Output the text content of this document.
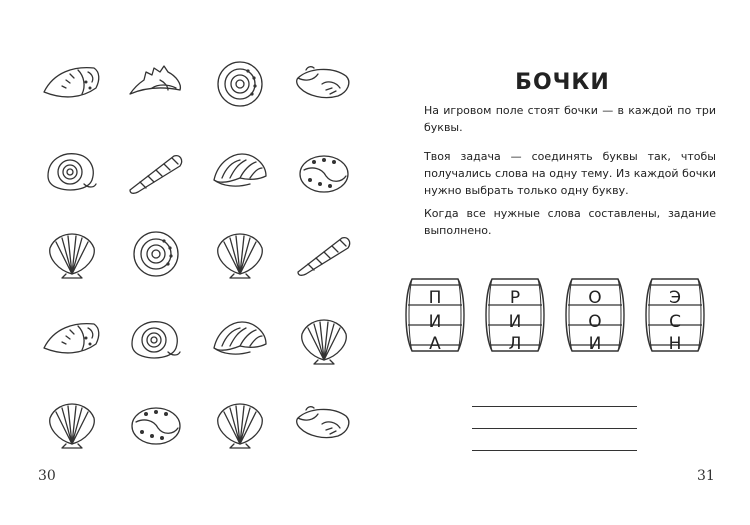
30
БОЧКИ
На игровом поле стоят бочки — в каждой по три буквы.
Твоя задача — соединять буквы так, чтобы получались слова на одну тему. Из каждой бочки нужно выбрать только одну букву.
Когда все нужные слова составлены, задание выполнено.
П
И
А
Р
И
Л
О
О
И
Э
С
Н
31
